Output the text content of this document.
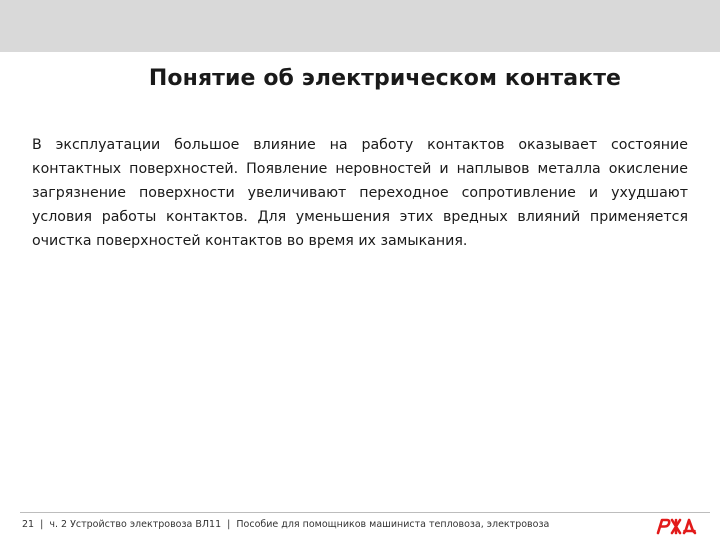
Понятие об электрическом контакте

В эксплуатации большое влияние на работу контактов оказывает состояние контактных поверхностей. Появление неровностей и наплывов металла окисление загрязнение поверхности увеличивают переходное сопротивление и ухудшают условия работы контактов. Для уменьшения этих вредных влияний применяется очистка поверхностей контактов во время их замыкания.

21 | ч. 2 Устройство электровоза ВЛ11 | Пособие для помощников машиниста тепловоза, электровоза
